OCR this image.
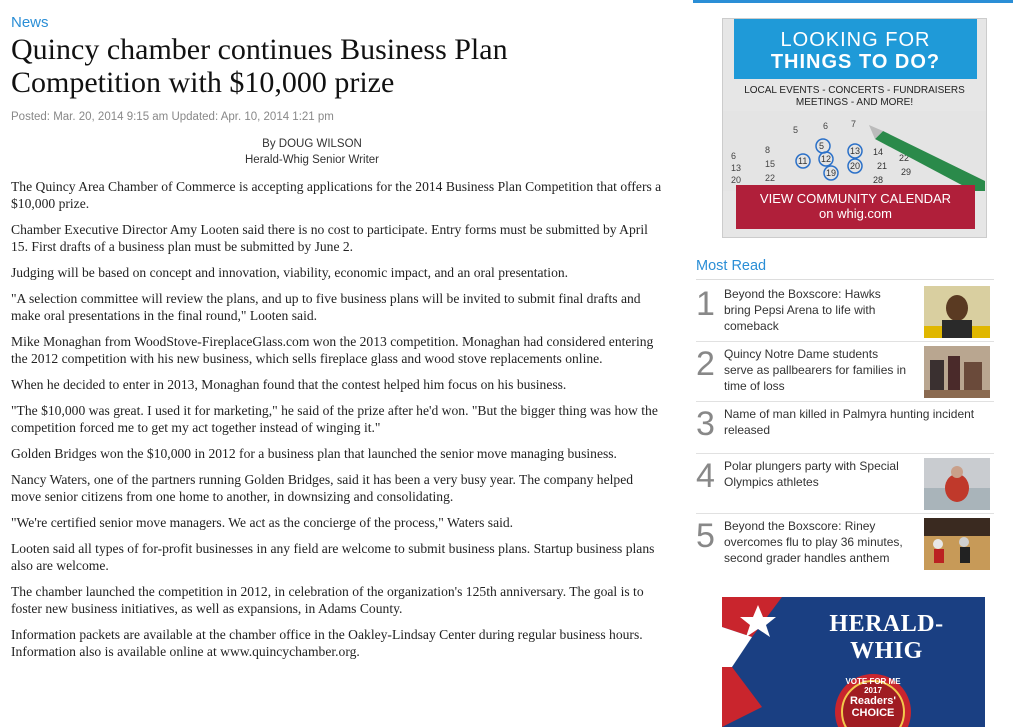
News
Quincy chamber continues Business Plan
Competition with $10,000 prize
Posted: Mar. 20, 2014 9:15 am Updated: Apr. 10, 2014 1:21 pm
By DOUG WILSON
Herald-Whig Senior Writer

The Quincy Area Chamber of Commerce is accepting applications for the 2014 Business Plan Competition that offers a $10,000 prize.

Chamber Executive Director Amy Looten said there is no cost to participate. Entry forms must be submitted by April 15. First drafts of a business plan must be submitted by June 2.

Judging will be based on concept and innovation, viability, economic impact, and an oral presentation.

"A selection committee will review the plans, and up to five business plans will be invited to submit final drafts and make oral presentations in the final round," Looten said.

Mike Monaghan from WoodStove-FireplaceGlass.com won the 2013 competition. Monaghan had considered entering the 2012 competition with his new business, which sells fireplace glass and wood stove replacements online.

When he decided to enter in 2013, Monaghan found that the contest helped him focus on his business.

"The $10,000 was great. I used it for marketing," he said of the prize after he'd won. "But the bigger thing was how the competition forced me to get my act together instead of winging it."

Golden Bridges won the $10,000 in 2012 for a business plan that launched the senior move managing business.

Nancy Waters, one of the partners running Golden Bridges, said it has been a very busy year. The company helped move senior citizens from one home to another, in downsizing and consolidating.

"We're certified senior move managers. We act as the concierge of the process," Waters said.

Looten said all types of for-profit businesses in any field are welcome to submit business plans. Startup business plans also are welcome.

The chamber launched the competition in 2012, in celebration of the organization's 125th anniversary. The goal is to foster new business initiatives, as well as expansions, in Adams County.

Information packets are available at the chamber office in the Oakley-Lindsay Center during regular business hours. Information also is available online at www.quincychamber.org.

LOOKING FOR
THINGS TO DO?
LOCAL EVENTS - CONCERTS - FUNDRAISERS
MEETINGS - AND MORE!
5	6	7
6
13
20
8
15
22
5
11 12
19
20
13 14
21
28
22
29
VIEW COMMUNITY CALENDAR
on whig.com
Most Read
1 Beyond the Boxscore: Hawks bring Pepsi Arena to life with comeback
2 Quincy Notre Dame students serve as pallbearers for families in time of loss
3 Name of man killed in Palmyra hunting incident released
4 Polar plungers party with Special Olympics athletes
5 Beyond the Boxscore: Riney overcomes flu to play 36 minutes, second grader handles anthem
HERALD-WHIG
VOTE FOR ME
2017
Readers'
CHOICE
